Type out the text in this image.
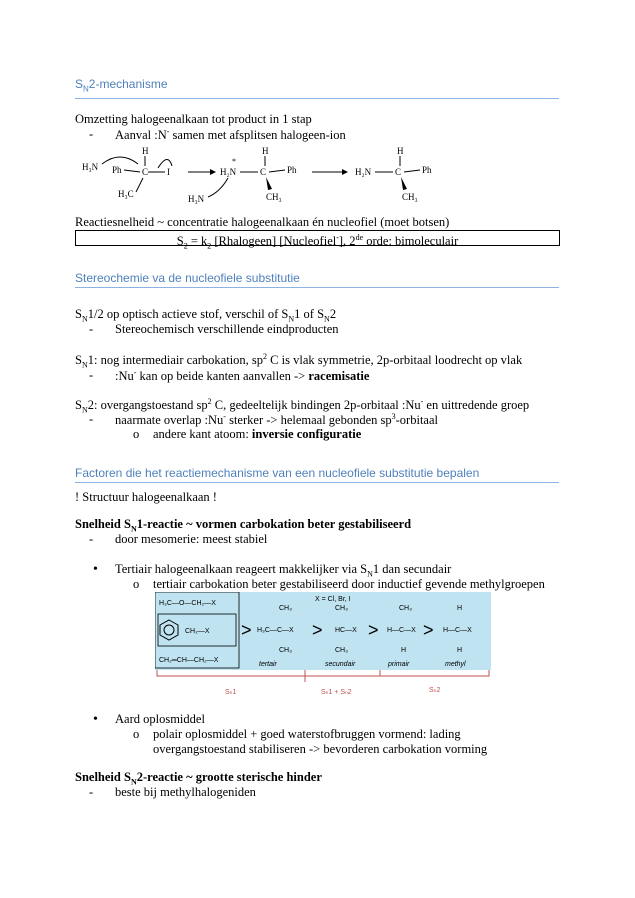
$S_N2$-mechanisme
Omzetting halogeenalkaan tot product in 1 stap
- Aanval :N- samen met afsplitsen halogeen-ion
H₃N Ph C
H
I
H₃C
H₂N
*
C
H
Ph
CH₃
H₃N
H₂N	C
H
Ph
CH₃
Reactiesnelheid ~ concentratie halogeenalkaan én nucleofiel (moet botsen)
$S_2 = k_2$ [Rhalogeen] [Nucleofiel-], 2de orde: bimoleculair
Stereochemie va de nucleofiele substitutie
$S_N1/2$ op optisch actieve stof, verschil of $S_N1$ of $S_N2$
- Stereochemisch verschillende eindproducten
$S_N1$: nog intermediair carbokation, $sp^2$ C is vlak symmetrie, 2p-orbitaal loodrecht op vlak
- :Nu- kan op beide kanten aanvallen -> racemisatie
$S_N2$: overgangstoestand $sp^2$ C, gedeeltelijk bindingen 2p-orbitaal :Nu- en uittredende groep
- naarmate overlap :Nu- sterker -> helemaal gebonden $sp^3$-orbitaal
o andere kant atoom: inversie configuratie
Factoren die het reactiemechanisme van een nucleofiele substitutie bepalen
! Structuur halogeenalkaan !
Snelheid $S_N1$-reactie ~ vormen carbokation beter gestabiliseerd
- door mesomerie: meest stabiel
• Tertiair halogeenalkaan reageert makkelijker via $S_N1$ dan secundair
o tertiair carbokation beter gestabiliseerd door inductief gevende methylgroepen
X = Cl, Br, I
H₃C—O—CH₂—X
CH₂—X
CH₂═CH—CH₂—X
>	>	> >
CH₃
H₃C—C—X
CH₃
CH₃
HC—X
CH₃
CH₃
H—C—X
H
H
H—C—X
H
tertair	secundair	primair	methyl
Sₙ1	Sₙ1 + Sₙ2	Sₙ2
• Aard oplosmiddel
o polair oplosmiddel + goed waterstofbruggen vormend: lading
overgangstoestand stabiliseren -> bevorderen carbokation vorming
Snelheid $S_N2$-reactie ~ grootte sterische hinder
- beste bij methylhalogeniden
